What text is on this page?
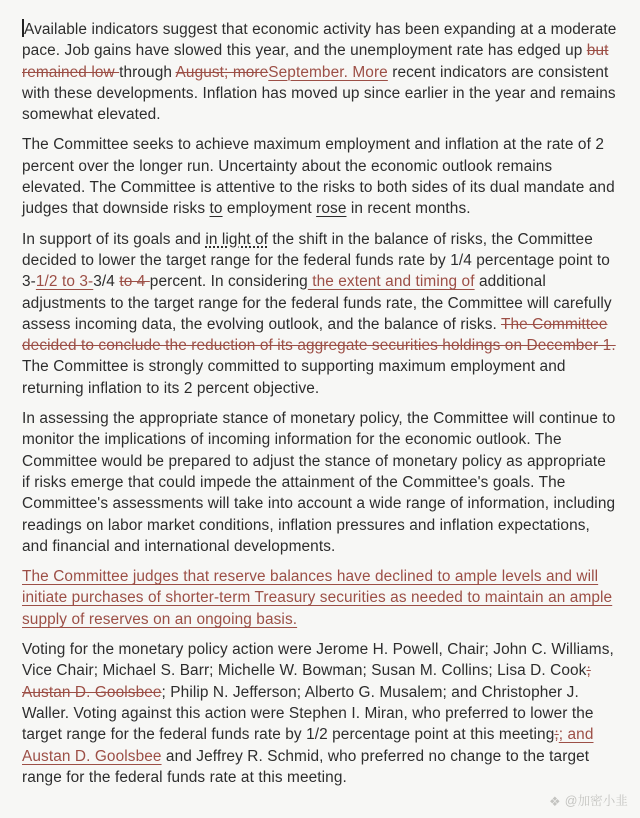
Available indicators suggest that economic activity has been expanding at a moderate pace. Job gains have slowed this year, and the unemployment rate has edged up but remained low through August; moreSeptember. More recent indicators are consistent with these developments. Inflation has moved up since earlier in the year and remains somewhat elevated.

The Committee seeks to achieve maximum employment and inflation at the rate of 2 percent over the longer run. Uncertainty about the economic outlook remains elevated. The Committee is attentive to the risks to both sides of its dual mandate and judges that downside risks to employment rose in recent months.

In support of its goals and in light of the shift in the balance of risks, the Committee decided to lower the target range for the federal funds rate by 1/4 percentage point to 3-1/2 to 3-3/4 to 4 percent. In considering the extent and timing of additional adjustments to the target range for the federal funds rate, the Committee will carefully assess incoming data, the evolving outlook, and the balance of risks. The Committee decided to conclude the reduction of its aggregate securities holdings on December 1. The Committee is strongly committed to supporting maximum employment and returning inflation to its 2 percent objective.

In assessing the appropriate stance of monetary policy, the Committee will continue to monitor the implications of incoming information for the economic outlook. The Committee would be prepared to adjust the stance of monetary policy as appropriate if risks emerge that could impede the attainment of the Committee's goals. The Committee's assessments will take into account a wide range of information, including readings on labor market conditions, inflation pressures and inflation expectations, and financial and international developments.

The Committee judges that reserve balances have declined to ample levels and will initiate purchases of shorter-term Treasury securities as needed to maintain an ample supply of reserves on an ongoing basis.

Voting for the monetary policy action were Jerome H. Powell, Chair; John C. Williams, Vice Chair; Michael S. Barr; Michelle W. Bowman; Susan M. Collins; Lisa D. Cook; Austan D. Goolsbee; Philip N. Jefferson; Alberto G. Musalem; and Christopher J. Waller. Voting against this action were Stephen I. Miran, who preferred to lower the target range for the federal funds rate by 1/2 percentage point at this meeting;; and Austan D. Goolsbee and Jeffrey R. Schmid, who preferred no change to the target range for the federal funds rate at this meeting.

❖ @加密小韭
